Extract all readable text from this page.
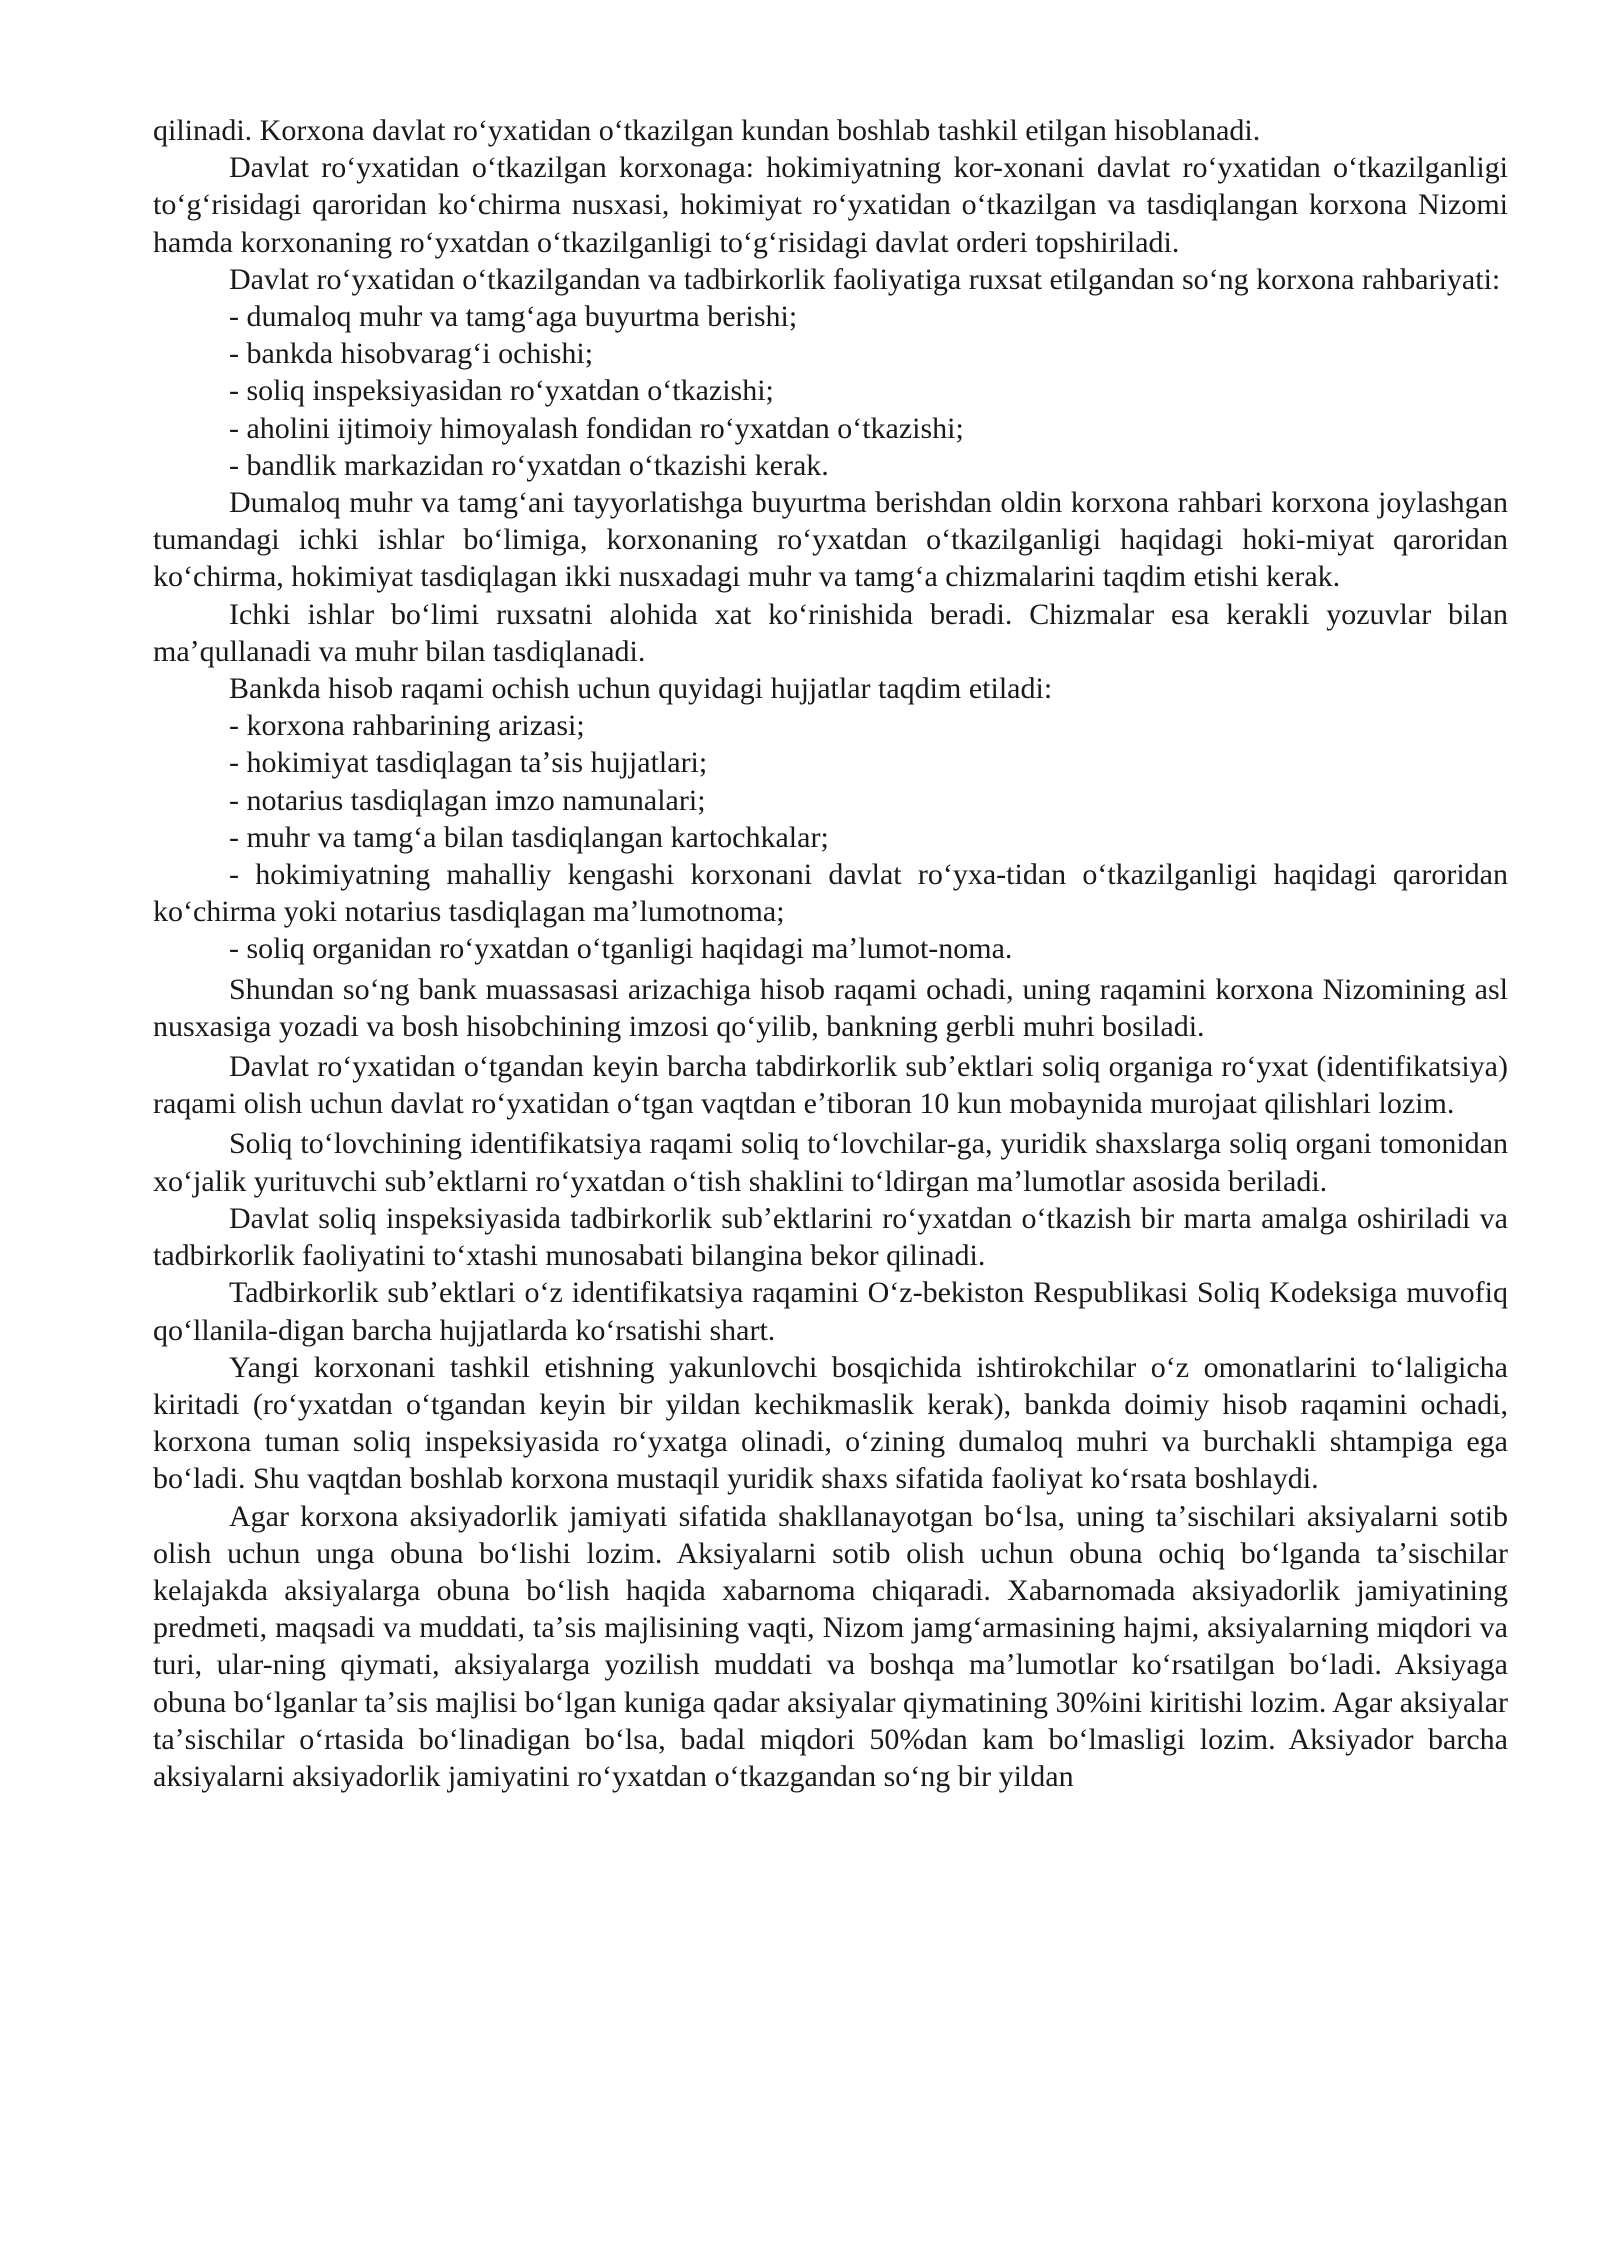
qilinadi. Korxona davlat roʻyxatidan oʻtkazilgan kundan boshlab tashkil etilgan hisoblanadi.

Davlat roʻyxatidan oʻtkazilgan korxonaga: hokimiyatning kor-xonani davlat roʻyxatidan oʻtkazilganligi toʻgʻrisidagi qaroridan koʻchirma nusxasi, hokimiyat roʻyxatidan oʻtkazilgan va tasdiqlangan korxona Nizomi hamda korxonaning roʻyxatdan oʻtkazilganligi toʻgʻrisidagi davlat orderi topshiriladi.

Davlat roʻyxatidan oʻtkazilgandan va tadbirkorlik faoliyatiga ruxsat etilgandan soʻng korxona rahbariyati:

- dumaloq muhr va tamgʻaga buyurtma berishi;

- bankda hisobvaragʻi ochishi;

- soliq inspeksiyasidan roʻyxatdan oʻtkazishi;

- aholini ijtimoiy himoyalash fondidan roʻyxatdan oʻtkazishi;

- bandlik markazidan roʻyxatdan oʻtkazishi kerak.

Dumaloq muhr va tamgʻani tayyorlatishga buyurtma berishdan oldin korxona rahbari korxona joylashgan tumandagi ichki ishlar boʻlimiga, korxonaning roʻyxatdan oʻtkazilganligi haqidagi hoki-miyat qaroridan koʻchirma, hokimiyat tasdiqlagan ikki nusxadagi muhr va tamgʻa chizmalarini taqdim etishi kerak.

Ichki ishlar boʻlimi ruxsatni alohida xat koʻrinishida beradi. Chizmalar esa kerakli yozuvlar bilan maʼqullanadi va muhr bilan tasdiqlanadi.

Bankda hisob raqami ochish uchun quyidagi hujjatlar taqdim etiladi:

- korxona rahbarining arizasi;

- hokimiyat tasdiqlagan taʼsis hujjatlari;

- notarius tasdiqlagan imzo namunalari;

- muhr va tamgʻa bilan tasdiqlangan kartochkalar;

- hokimiyatning mahalliy kengashi korxonani davlat roʻyxa-tidan oʻtkazilganligi haqidagi qaroridan koʻchirma yoki notarius tasdiqlagan maʼlumotnoma;

- soliq organidan roʻyxatdan oʻtganligi haqidagi maʼlumot-noma.

Shundan soʻng bank muassasasi arizachiga hisob raqami ochadi, uning raqamini korxona Nizomining asl nusxasiga yozadi va bosh hisobchining imzosi qoʻyilib, bankning gerbli muhri bosiladi.

Davlat roʻyxatidan oʻtgandan keyin barcha tabdirkorlik subʼektlari soliq organiga roʻyxat (identifikatsiya) raqami olish uchun davlat roʻyxatidan oʻtgan vaqtdan eʼtiboran 10 kun mobaynida murojaat qilishlari lozim.

Soliq toʻlovchining identifikatsiya raqami soliq toʻlovchilar-ga, yuridik shaxslarga soliq organi tomonidan xoʻjalik yurituvchi subʼektlarni roʻyxatdan oʻtish shaklini toʻldirgan maʼlumotlar asosida beriladi.

Davlat soliq inspeksiyasida tadbirkorlik subʼektlarini roʻyxatdan oʻtkazish bir marta amalga oshiriladi va tadbirkorlik faoliyatini toʻxtashi munosabati bilangina bekor qilinadi.

Tadbirkorlik subʼektlari oʻz identifikatsiya raqamini Oʻz-bekiston Respublikasi Soliq Kodeksiga muvofiq qoʻllanila-digan barcha hujjatlarda koʻrsatishi shart.

Yangi korxonani tashkil etishning yakunlovchi bosqichida ishtirokchilar oʻz omonatlarini toʻlaligicha kiritadi (roʻyxatdan oʻtgandan keyin bir yildan kechikmaslik kerak), bankda doimiy hisob raqamini ochadi, korxona tuman soliq inspeksiyasida roʻyxatga olinadi, oʻzining dumaloq muhri va burchakli shtampiga ega boʻladi. Shu vaqtdan boshlab korxona mustaqil yuridik shaxs sifatida faoliyat koʻrsata boshlaydi.

Agar korxona aksiyadorlik jamiyati sifatida shakllanayotgan boʻlsa, uning taʼsischilari aksiyalarni sotib olish uchun unga obuna boʻlishi lozim. Aksiyalarni sotib olish uchun obuna ochiq boʻlganda taʼsischilar kelajakda aksiyalarga obuna boʻlish haqida xabarnoma chiqaradi. Xabarnomada aksiyadorlik jamiyatining predmeti, maqsadi va muddati, taʼsis majlisining vaqti, Nizom jamgʻarmasining hajmi, aksiyalarning miqdori va turi, ular-ning qiymati, aksiyalarga yozilish muddati va boshqa maʼlumotlar koʻrsatilgan boʻladi. Aksiyaga obuna boʻlganlar taʼsis majlisi boʻlgan kuniga qadar aksiyalar qiymatining 30%ini kiritishi lozim. Agar aksiyalar taʼsischilar oʻrtasida boʻlinadigan boʻlsa, badal miqdori 50%dan kam boʻlmasligi lozim. Aksiyador barcha aksiyalarni aksiyadorlik jamiyatini roʻyxatdan oʻtkazgandan soʻng bir yildan
